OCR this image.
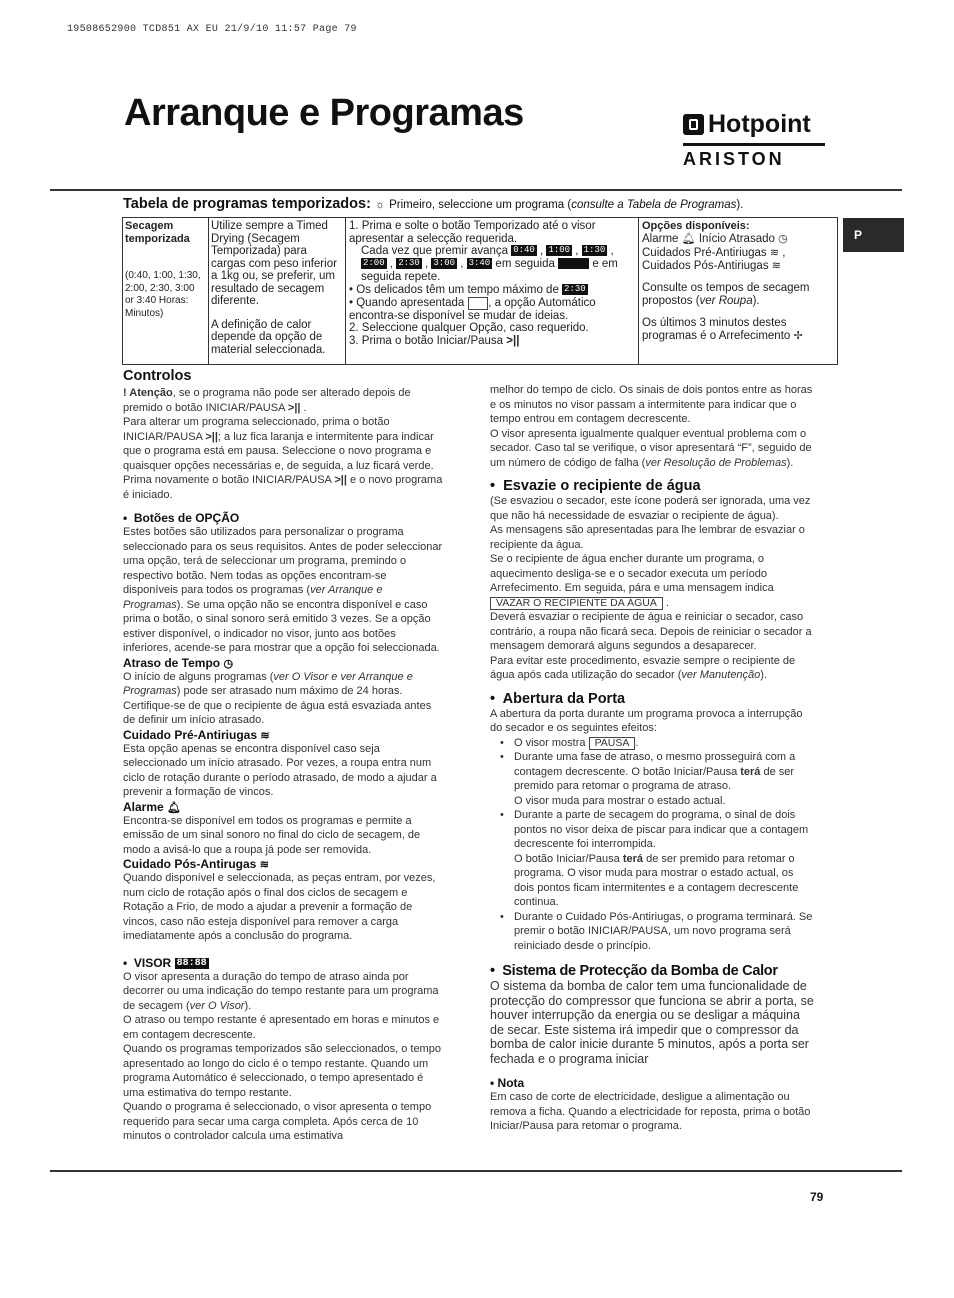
19508652900 TCD851 AX EU 21/9/10 11:57 Page 79
Arranque e Programas	Hotpoint
ARISTON
P
Tabela de programas temporizados: ☼ Primeiro, seleccione um programa (consulte a Tabela de Programas).
Secagem temporizada
(0:40, 1:00, 1:30, 2:00, 2:30, 3:00 or 3:40 Horas: Minutos)
Utilize sempre a Timed Drying (Secagem Temporizada) para cargas com peso inferior a 1kg ou, se preferir, um resultado de secagem diferente.
A definição de calor depende da opção de material seleccionada.
1. Prima e solte o botão Temporizado até o visor apresentar a selecção requerida.
Cada vez que premir avança 0:40 , 1:00 , 1:30 , 2:00 , 2:30 , 3:00 , 3:40 em seguida	e em seguida repete.
• Os delicados têm um tempo máximo de 2:30
• Quando apresentada , a opção Automático encontra-se disponível se mudar de ideias.
2. Seleccione qualquer Opção, caso requerido.
3. Prima o botão Iniciar/Pausa >||
Opções disponíveis:
Alarme 🔔︎ Início Atrasado ◷
Cuidados Pré-Antiriugas ≋ ,
Cuidados Pós-Antiriugas ≋
Consulte os tempos de secagem propostos (ver Roupa).
Os últimos 3 minutos destes programas é o Arrefecimento ✢
Controlos
! Atenção, se o programa não pode ser alterado depois de premido o botão INICIAR/PAUSA >|| .
Para alterar um programa seleccionado, prima o botão INICIAR/PAUSA >||; a luz fica laranja e intermitente para indicar que o programa está em pausa. Seleccione o novo programa e quaisquer opções necessárias e, de seguida, a luz ficará verde. Prima novamente o botão INICIAR/PAUSA >|| e o novo programa é iniciado.
•  Botões de OPÇÃO
Estes botões são utilizados para personalizar o programa seleccionado para os seus requisitos. Antes de poder seleccionar uma opção, terá de seleccionar um programa, premindo o respectivo botão. Nem todas as opções encontram-se disponíveis para todos os programas (ver Arranque e Programas). Se uma opção não se encontra disponível e caso prima o botão, o sinal sonoro será emitido 3 vezes. Se a opção estiver disponível, o indicador no visor, junto aos botões inferiores, acende-se para mostrar que a opção foi seleccionada.
Atraso de Tempo ◷
O início de alguns programas (ver O Visor e ver Arranque e Programas) pode ser atrasado num máximo de 24 horas. Certifique-se de que o recipiente de água está esvaziada antes de definir um início atrasado.
Cuidado Pré-Antiriugas ≋
Esta opção apenas se encontra disponível caso seja seleccionado um início atrasado. Por vezes, a roupa entra num ciclo de rotação durante o período atrasado, de modo a ajudar a prevenir a formação de vincos.
Alarme 🔔︎
Encontra-se disponível em todos os programas e permite a emissão de um sinal sonoro no final do ciclo de secagem, de modo a avisá-lo que a roupa já pode ser removida.
Cuidado Pós-Antirugas ≋
Quando disponível e seleccionada, as peças entram, por vezes, num ciclo de rotação após o final dos ciclos de secagem e Rotação a Frio, de modo a ajudar a prevenir a formação de vincos, caso não esteja disponível para remover a carga imediatamente após a conclusão do programa.
•  VISOR 88:88
O visor apresenta a duração do tempo de atraso ainda por decorrer ou uma indicação do tempo restante para um programa de secagem (ver O Visor).
O atraso ou tempo restante é apresentado em horas e minutos e em contagem decrescente.
Quando os programas temporizados são seleccionados, o tempo apresentado ao longo do ciclo é o tempo restante. Quando um programa Automático é seleccionado, o tempo apresentado é uma estimativa do tempo restante.
Quando o programa é seleccionado, o visor apresenta o tempo requerido para secar uma carga completa. Após cerca de 10 minutos o controlador calcula uma estimativa
melhor do tempo de ciclo. Os sinais de dois pontos entre as horas e os minutos no visor passam a intermitente para indicar que o tempo entrou em contagem decrescente.
O visor apresenta igualmente qualquer eventual problema com o secador. Caso tal se verifique, o visor apresentará “F”, seguido de um número de código de falha (ver Resolução de Problemas).
•  Esvazie o recipiente de água
(Se esvaziou o secador, este ícone poderá ser ignorada, uma vez que não há necessidade de esvaziar o recipiente de água).
As mensagens são apresentadas para lhe lembrar de esvaziar o recipiente da água.
Se o recipiente de água encher durante um programa, o aquecimento desliga-se e o secador executa um período Arrefecimento. Em seguida, pára e uma mensagem indica
VAZAR O RECIPIENTE DA ÁGUA .
Deverá esvaziar o recipiente de água e reiniciar o secador, caso contrário, a roupa não ficará seca. Depois de reiniciar o secador a mensagem demorará alguns segundos a desaparecer.
Para evitar este procedimento, esvazie sempre o recipiente de água após cada utilização do secador (ver Manutenção).
•  Abertura da Porta
A abertura da porta durante um programa provoca a interrupção do secador e os seguintes efeitos:
• O visor mostra PAUSA .
• Durante uma fase de atraso, o mesmo prosseguirá com a contagem decrescente. O botão Iniciar/Pausa terá de ser premido para retomar o programa de atraso.
O visor muda para mostrar o estado actual.
• Durante a parte de secagem do programa, o sinal de dois pontos no visor deixa de piscar para indicar que a contagem decrescente foi interrompida.
O botão Iniciar/Pausa terá de ser premido para retomar o programa. O visor muda para mostrar o estado actual, os dois pontos ficam intermitentes e a contagem decrescente continua.
• Durante o Cuidado Pós-Antiriugas, o programa terminará. Se premir o botão INICIAR/PAUSA, um novo programa será reiniciado desde o princípio.
•  Sistema de Protecção da Bomba de Calor
O sistema da bomba de calor tem uma funcionalidade de protecção do compressor que funciona se abrir a porta, se houver interrupção da energia ou se desligar a máquina de secar. Este sistema irá impedir que o compressor da bomba de calor inicie durante 5 minutos, após a porta ser fechada e o programa iniciar
• Nota
Em caso de corte de electricidade, desligue a alimentação ou remova a ficha. Quando a electricidade for reposta, prima o botão Iniciar/Pausa para retomar o programa.
79
